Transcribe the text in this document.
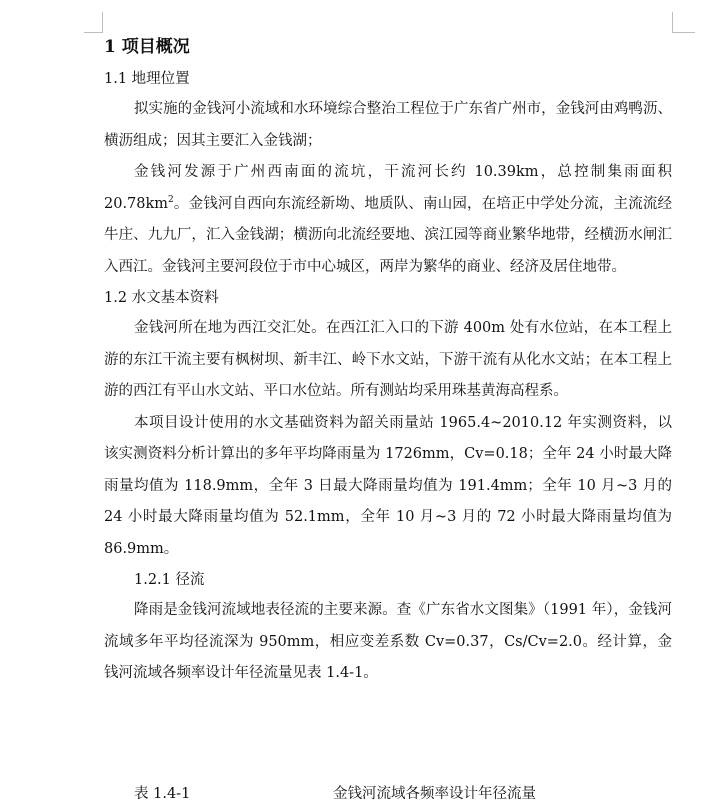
1 项目概况
1.1 地理位置

拟实施的金钱河小流域和水环境综合整治工程位于广东省广州市，金钱河由鸡鸭沥、横沥组成；因其主要汇入金钱湖；

金钱河发源于广州西南面的流坑，干流河长约 10.39km，总控制集雨面积 $20.78km^2$。金钱河自西向东流经新坳、地质队、南山园，在培正中学处分流，主流流经牛庄、九九厂，汇入金钱湖；横沥向北流经要地、滨江园等商业繁华地带，经横沥水闸汇入西江。金钱河主要河段位于市中心城区，两岸为繁华的商业、经济及居住地带。

1.2 水文基本资料

金钱河所在地为西江交汇处。在西江汇入口的下游 400m 处有水位站，在本工程上游的东江干流主要有枫树坝、新丰江、岭下水文站，下游干流有从化水文站；在本工程上游的西江有平山水文站、平口水位站。所有测站均采用珠基黄海高程系。

本项目设计使用的水文基础资料为韶关雨量站 1965.4~2010.12 年实测资料，以该实测资料分析计算出的多年平均降雨量为 1726mm，Cv=0.18；全年 24 小时最大降雨量均值为 118.9mm，全年 3 日最大降雨量均值为 191.4mm；全年 10 月~3 月的 24 小时最大降雨量均值为 52.1mm，全年 10 月~3 月的 72 小时最大降雨量均值为 86.9mm。

1.2.1 径流

降雨是金钱河流域地表径流的主要来源。查《广东省水文图集》（1991 年），金钱河流域多年平均径流深为 950mm，相应变差系数 Cv=0.37，Cs/Cv=2.0。经计算，金钱河流域各频率设计年径流量见表 1.4-1。

表 1.4-1	金钱河流域各频率设计年径流量
